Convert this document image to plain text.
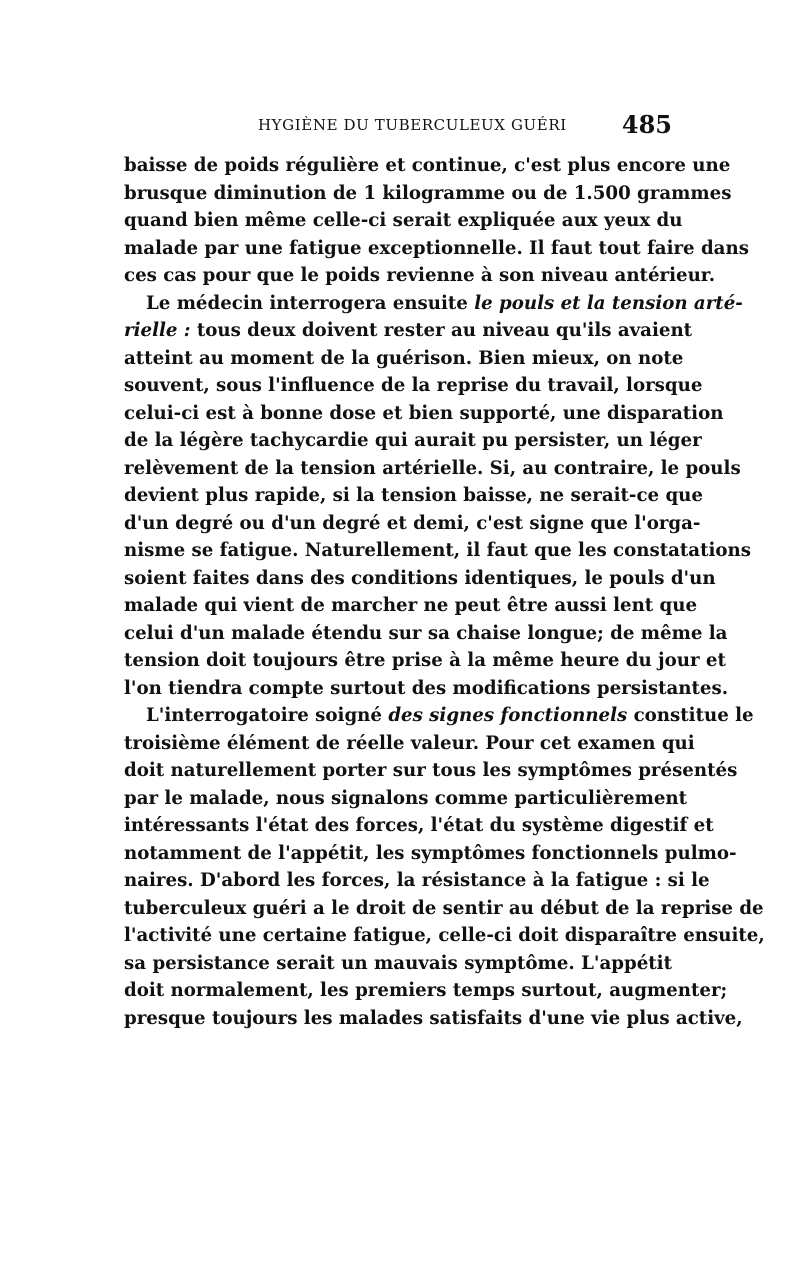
HYGIÈNE DU TUBERCULEUX GUÉRI 485
baisse de poids régulière et continue, c'est plus encore une
brusque diminution de 1 kilogramme ou de 1.500 grammes
quand bien même celle-ci serait expliquée aux yeux du
malade par une fatigue exceptionnelle. Il faut tout faire dans
ces cas pour que le poids revienne à son niveau antérieur.
Le médecin interrogera ensuite le pouls et la tension arté-
rielle : tous deux doivent rester au niveau qu'ils avaient
atteint au moment de la guérison. Bien mieux, on note
souvent, sous l'influence de la reprise du travail, lorsque
celui-ci est à bonne dose et bien supporté, une disparation
de la légère tachycardie qui aurait pu persister, un léger
relèvement de la tension artérielle. Si, au contraire, le pouls
devient plus rapide, si la tension baisse, ne serait-ce que
d'un degré ou d'un degré et demi, c'est signe que l'orga-
nisme se fatigue. Naturellement, il faut que les constatations
soient faites dans des conditions identiques, le pouls d'un
malade qui vient de marcher ne peut être aussi lent que
celui d'un malade étendu sur sa chaise longue; de même la
tension doit toujours être prise à la même heure du jour et
l'on tiendra compte surtout des modifications persistantes.
L'interrogatoire soigné des signes fonctionnels constitue le
troisième élément de réelle valeur. Pour cet examen qui
doit naturellement porter sur tous les symptômes présentés
par le malade, nous signalons comme particulièrement
intéressants l'état des forces, l'état du système digestif et
notamment de l'appétit, les symptômes fonctionnels pulmo-
naires. D'abord les forces, la résistance à la fatigue : si le
tuberculeux guéri a le droit de sentir au début de la reprise de
l'activité une certaine fatigue, celle-ci doit disparaître ensuite,
sa persistance serait un mauvais symptôme. L'appétit
doit normalement, les premiers temps surtout, augmenter;
presque toujours les malades satisfaits d'une vie plus active,
